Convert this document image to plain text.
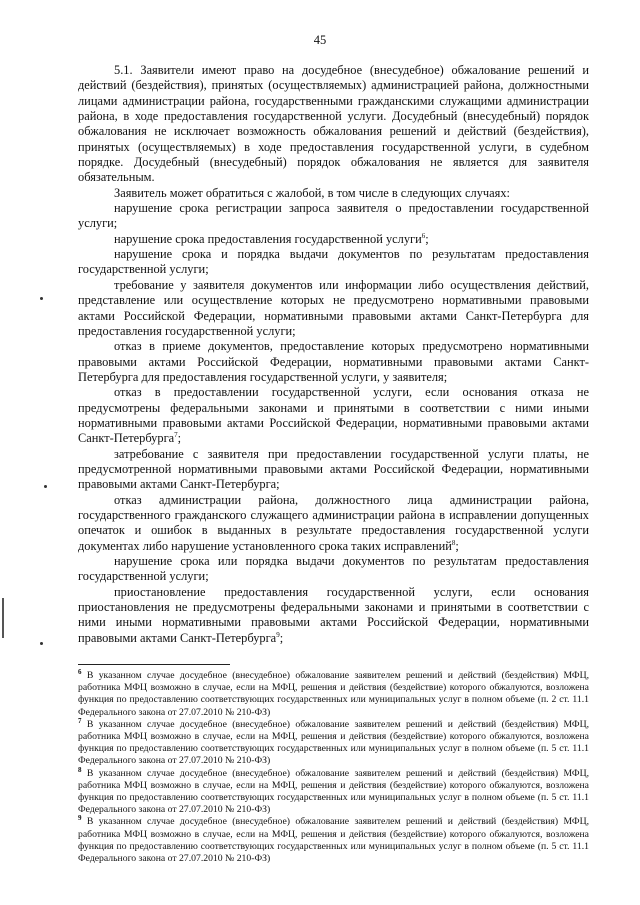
45

5.1. Заявители имеют право на досудебное (внесудебное) обжалование решений и действий (бездействия), принятых (осуществляемых) администрацией района, должностными лицами администрации района, государственными гражданскими служащими администрации района, в ходе предоставления государственной услуги. Досудебный (внесудебный) порядок обжалования не исключает возможность обжалования решений и действий (бездействия), принятых (осуществляемых) в ходе предоставления государственной услуги, в судебном порядке. Досудебный (внесудебный) порядок обжалования не является для заявителя обязательным.

Заявитель может обратиться с жалобой, в том числе в следующих случаях:

нарушение срока регистрации запроса заявителя о предоставлении государственной услуги;

нарушение срока предоставления государственной услуги$^6$;

нарушение срока и порядка выдачи документов по результатам предоставления государственной услуги;

требование у заявителя документов или информации либо осуществления действий, представление или осуществление которых не предусмотрено нормативными правовыми актами Российской Федерации, нормативными правовыми актами Санкт-Петербурга для предоставления государственной услуги;

отказ в приеме документов, предоставление которых предусмотрено нормативными правовыми актами Российской Федерации, нормативными правовыми актами Санкт-Петербурга для предоставления государственной услуги, у заявителя;

отказ в предоставлении государственной услуги, если основания отказа не предусмотрены федеральными законами и принятыми в соответствии с ними иными нормативными правовыми актами Российской Федерации, нормативными правовыми актами Санкт-Петербурга$^7$;

затребование с заявителя при предоставлении государственной услуги платы, не предусмотренной нормативными правовыми актами Российской Федерации, нормативными правовыми актами Санкт-Петербурга;

отказ администрации района, должностного лица администрации района, государственного гражданского служащего администрации района в исправлении допущенных опечаток и ошибок в выданных в результате предоставления государственной услуги документах либо нарушение установленного срока таких исправлений$^8$;

нарушение срока или порядка выдачи документов по результатам предоставления государственной услуги;

приостановление предоставления государственной услуги, если основания приостановления не предусмотрены федеральными законами и принятыми в соответствии с ними иными нормативными правовыми актами Российской Федерации, нормативными правовыми актами Санкт-Петербурга$^9$;

$^6$ В указанном случае досудебное (внесудебное) обжалование заявителем решений и действий (бездействия) МФЦ, работника МФЦ возможно в случае, если на МФЦ, решения и действия (бездействие) которого обжалуются, возложена функция по предоставлению соответствующих государственных или муниципальных услуг в полном объеме (п. 2 ст. 11.1 Федерального закона от 27.07.2010 № 210-ФЗ)

$^7$ В указанном случае досудебное (внесудебное) обжалование заявителем решений и действий (бездействия) МФЦ, работника МФЦ возможно в случае, если на МФЦ, решения и действия (бездействие) которого обжалуются, возложена функция по предоставлению соответствующих государственных или муниципальных услуг в полном объеме (п. 5 ст. 11.1 Федерального закона от 27.07.2010 № 210-ФЗ)

$^8$ В указанном случае досудебное (внесудебное) обжалование заявителем решений и действий (бездействия) МФЦ, работника МФЦ возможно в случае, если на МФЦ, решения и действия (бездействие) которого обжалуются, возложена функция по предоставлению соответствующих государственных или муниципальных услуг в полном объеме (п. 5 ст. 11.1 Федерального закона от 27.07.2010 № 210-ФЗ)

$^9$ В указанном случае досудебное (внесудебное) обжалование заявителем решений и действий (бездействия) МФЦ, работника МФЦ возможно в случае, если на МФЦ, решения и действия (бездействие) которого обжалуются, возложена функция по предоставлению соответствующих государственных или муниципальных услуг в полном объеме (п. 5 ст. 11.1 Федерального закона от 27.07.2010 № 210-ФЗ)
